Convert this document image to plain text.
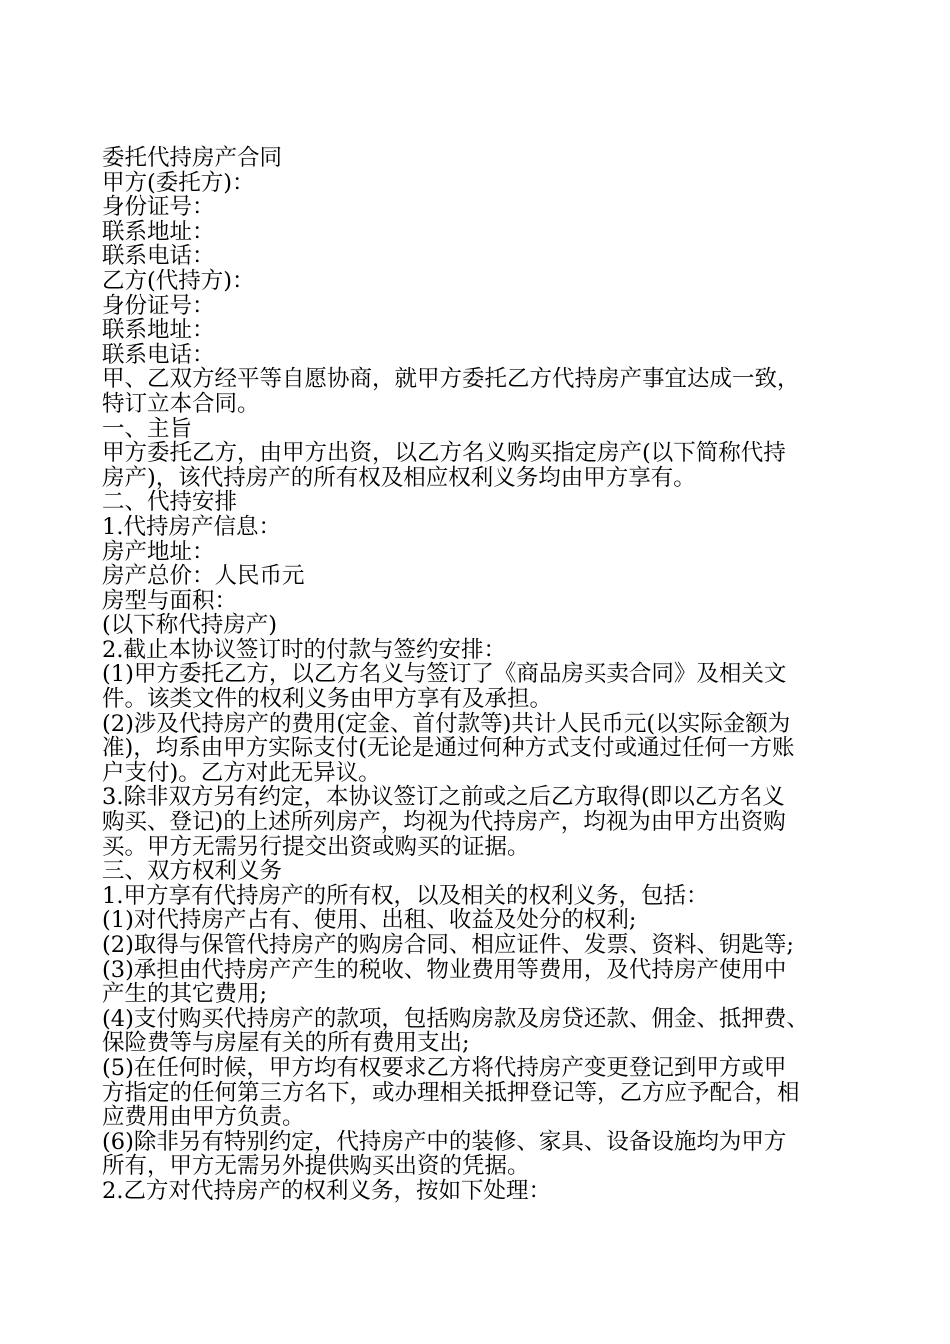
委托代持房产合同
甲方(委托方)：
身份证号：
联系地址：
联系电话：
乙方(代持方)：
身份证号：
联系地址：
联系电话：
甲、乙双方经平等自愿协商，就甲方委托乙方代持房产事宜达成一致，
特订立本合同。
一、主旨
甲方委托乙方，由甲方出资，以乙方名义购买指定房产(以下简称代持
房产)，该代持房产的所有权及相应权利义务均由甲方享有。
二、代持安排
1.代持房产信息：
房产地址：
房产总价：人民币元
房型与面积：
(以下称代持房产)
2.截止本协议签订时的付款与签约安排：
(1)甲方委托乙方，以乙方名义与签订了《商品房买卖合同》及相关文
件。该类文件的权利义务由甲方享有及承担。
(2)涉及代持房产的费用(定金、首付款等)共计人民币元(以实际金额为
准)，均系由甲方实际支付(无论是通过何种方式支付或通过任何一方账
户支付)。乙方对此无异议。
3.除非双方另有约定，本协议签订之前或之后乙方取得(即以乙方名义
购买、登记)的上述所列房产，均视为代持房产，均视为由甲方出资购
买。甲方无需另行提交出资或购买的证据。
三、双方权利义务
1.甲方享有代持房产的所有权，以及相关的权利义务，包括：
(1)对代持房产占有、使用、出租、收益及处分的权利;
(2)取得与保管代持房产的购房合同、相应证件、发票、资料、钥匙等;
(3)承担由代持房产产生的税收、物业费用等费用，及代持房产使用中
产生的其它费用;
(4)支付购买代持房产的款项，包括购房款及房贷还款、佣金、抵押费、
保险费等与房屋有关的所有费用支出;
(5)在任何时候，甲方均有权要求乙方将代持房产变更登记到甲方或甲
方指定的任何第三方名下，或办理相关抵押登记等，乙方应予配合，相
应费用由甲方负责。
(6)除非另有特别约定，代持房产中的装修、家具、设备设施均为甲方
所有，甲方无需另外提供购买出资的凭据。
2.乙方对代持房产的权利义务，按如下处理：
